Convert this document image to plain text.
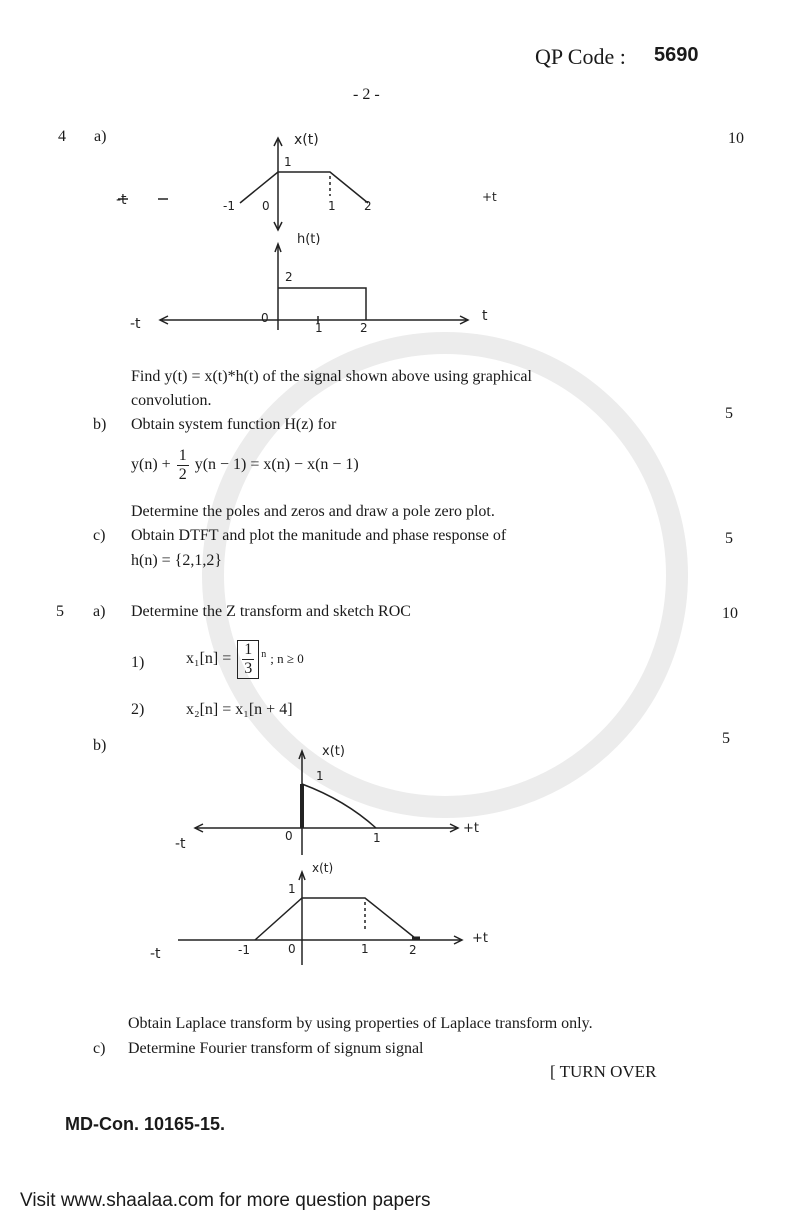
QP Code : 5690
- 2 -
4 a)	10
x(t)
1
-t	-1 0	1 2
+t
h(t)
2
-t	0
1	2
t
Find y(t) = x(t)*h(t) of the signal shown above using graphical
convolution.
b) Obtain system function H(z) for
5
$y(n) + \frac{1}{2} y(n - 1) = x(n) - x(n - 1)$
Determine the poles and zeros and draw a pole zero plot.
c) Obtain DTFT and plot the manitude and phase response of	5
h(n) = {2,1,2}
5 a) Determine the Z transform and sketch ROC	10
1)	$x_1[n] = \frac{1}{3} ^n$ ; n ≥ 0
2)	x₂[n] = x₁[n + 4]
b)	5
x(t)
1
-t	0	1
+t
x(t)
1
-t	-1	0	1	2
+t
Obtain Laplace transform by using properties of Laplace transform only.
c) Determine Fourier transform of signum signal
[ TURN OVER
MD-Con. 10165-15.
Visit www.shaalaa.com for more question papers
